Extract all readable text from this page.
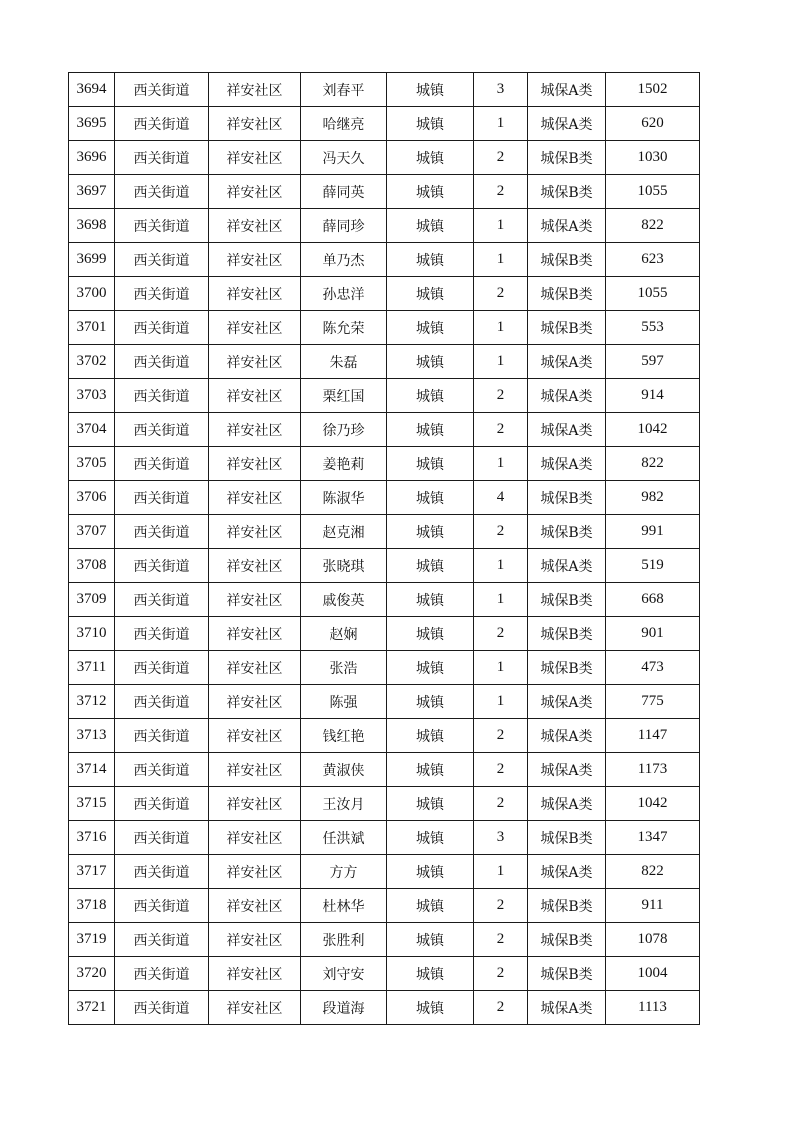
3694	西关街道	祥安社区	刘春平	城镇	3	城保A类	1502
3695	西关街道	祥安社区	哈继亮	城镇	1	城保A类	620
3696	西关街道	祥安社区	冯天久	城镇	2	城保B类	1030
3697	西关街道	祥安社区	薛同英	城镇	2	城保B类	1055
3698	西关街道	祥安社区	薛同珍	城镇	1	城保A类	822
3699	西关街道	祥安社区	单乃杰	城镇	1	城保B类	623
3700	西关街道	祥安社区	孙忠洋	城镇	2	城保B类	1055
3701	西关街道	祥安社区	陈允荣	城镇	1	城保B类	553
3702	西关街道	祥安社区	朱磊	城镇	1	城保A类	597
3703	西关街道	祥安社区	栗红国	城镇	2	城保A类	914
3704	西关街道	祥安社区	徐乃珍	城镇	2	城保A类	1042
3705	西关街道	祥安社区	姜艳莉	城镇	1	城保A类	822
3706	西关街道	祥安社区	陈淑华	城镇	4	城保B类	982
3707	西关街道	祥安社区	赵克湘	城镇	2	城保B类	991
3708	西关街道	祥安社区	张晓琪	城镇	1	城保A类	519
3709	西关街道	祥安社区	戚俊英	城镇	1	城保B类	668
3710	西关街道	祥安社区	赵娴	城镇	2	城保B类	901
3711	西关街道	祥安社区	张浩	城镇	1	城保B类	473
3712	西关街道	祥安社区	陈强	城镇	1	城保A类	775
3713	西关街道	祥安社区	钱红艳	城镇	2	城保A类	1147
3714	西关街道	祥安社区	黄淑侠	城镇	2	城保A类	1173
3715	西关街道	祥安社区	王汝月	城镇	2	城保A类	1042
3716	西关街道	祥安社区	任洪斌	城镇	3	城保B类	1347
3717	西关街道	祥安社区	方方	城镇	1	城保A类	822
3718	西关街道	祥安社区	杜林华	城镇	2	城保B类	911
3719	西关街道	祥安社区	张胜利	城镇	2	城保B类	1078
3720	西关街道	祥安社区	刘守安	城镇	2	城保B类	1004
3721	西关街道	祥安社区	段道海	城镇	2	城保A类	1113
